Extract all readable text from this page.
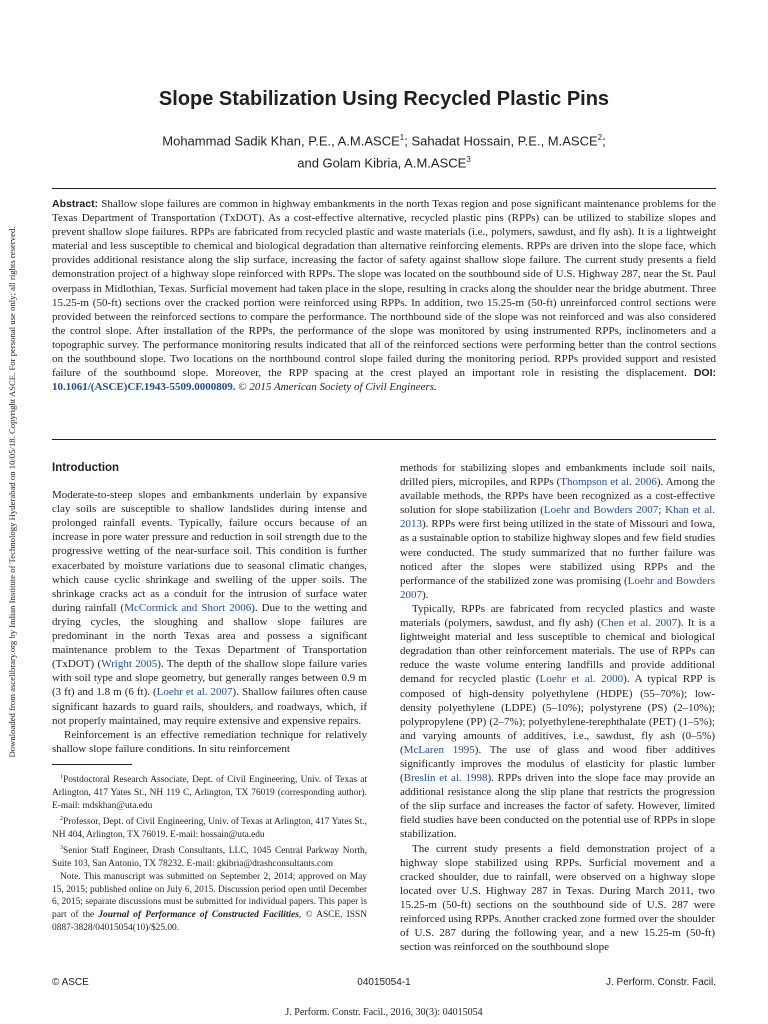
Downloaded from ascelibrary.org by Indian Institute of Technology Hyderabad on 10/05/18. Copyright ASCE. For personal use only; all rights reserved.
Slope Stabilization Using Recycled Plastic Pins
Mohammad Sadik Khan, P.E., A.M.ASCE$^1$; Sahadat Hossain, P.E., M.ASCE$^2$;
and Golam Kibria, A.M.ASCE$^3$
Abstract: Shallow slope failures are common in highway embankments in the north Texas region and pose significant maintenance problems for the Texas Department of Transportation (TxDOT). As a cost-effective alternative, recycled plastic pins (RPPs) can be utilized to stabilize slopes and prevent shallow slope failures. RPPs are fabricated from recycled plastic and waste materials (i.e., polymers, sawdust, and fly ash). It is a lightweight material and less susceptible to chemical and biological degradation than alternative reinforcing elements. RPPs are driven into the slope face, which provides additional resistance along the slip surface, increasing the factor of safety against shallow slope failure. The current study presents a field demonstration project of a highway slope reinforced with RPPs. The slope was located on the southbound side of U.S. Highway 287, near the St. Paul overpass in Midlothian, Texas. Surficial movement had taken place in the slope, resulting in cracks along the shoulder near the bridge abutment. Three 15.25-m (50-ft) sections over the cracked portion were reinforced using RPPs. In addition, two 15.25-m (50-ft) unreinforced control sections were provided between the reinforced sections to compare the performance. The northbound side of the slope was not reinforced and was also considered the control slope. After installation of the RPPs, the performance of the slope was monitored by using instrumented RPPs, inclinometers and a topographic survey. The performance monitoring results indicated that all of the reinforced sections were performing better than the control sections on the southbound slope. Two locations on the northbound control slope failed during the monitoring period. RPPs provided support and resisted failure of the southbound slope. Moreover, the RPP spacing at the crest played an important role in resisting the displacement. DOI: 10.1061/(ASCE)CF.1943-5509.0000809. © 2015 American Society of Civil Engineers.

Introduction

Moderate-to-steep slopes and embankments underlain by expansive clay soils are susceptible to shallow landslides during intense and prolonged rainfall events. Typically, failure occurs because of an increase in pore water pressure and reduction in soil strength due to the progressive wetting of the near-surface soil. This condition is further exacerbated by moisture variations due to seasonal climatic changes, which cause cyclic shrinkage and swelling of the upper soils. The shrinkage cracks act as a conduit for the intrusion of surface water during rainfall (McCormick and Short 2006). Due to the wetting and drying cycles, the sloughing and shallow slope failures are predominant in the north Texas area and possess a significant maintenance problem to the Texas Department of Transportation (TxDOT) (Wright 2005). The depth of the shallow slope failure varies with soil type and slope geometry, but generally ranges between 0.9 m (3 ft) and 1.8 m (6 ft). (Loehr et al. 2007). Shallow failures often cause significant hazards to guard rails, shoulders, and roadways, which, if not properly maintained, may require extensive and expensive repairs.

Reinforcement is an effective remediation technique for relatively shallow slope failure conditions. In situ reinforcement

$^1$Postdoctoral Research Associate, Dept. of Civil Engineering, Univ. of Texas at Arlington, 417 Yates St., NH 119 C, Arlington, TX 76019 (corresponding author). E-mail: mdskhan@uta.edu

$^2$Professor, Dept. of Civil Engineering, Univ. of Texas at Arlington, 417 Yates St., NH 404, Arlington, TX 76019. E-mail: hossain@uta.edu

$^3$Senior Staff Engineer, Drash Consultants, LLC, 1045 Central Parkway North, Suite 103, San Antonio, TX 78232. E-mail: gkibria@drashconsultants.com

Note. This manuscript was submitted on September 2, 2014; approved on May 15, 2015; published online on July 6, 2015. Discussion period open until December 6, 2015; separate discussions must be submitted for individual papers. This paper is part of the Journal of Performance of Constructed Facilities, © ASCE, ISSN 0887-3828/04015054(10)/$25.00.

methods for stabilizing slopes and embankments include soil nails, drilled piers, micropiles, and RPPs (Thompson et al. 2006). Among the available methods, the RPPs have been recognized as a cost-effective solution for slope stabilization (Loehr and Bowders 2007; Khan et al. 2013). RPPs were first being utilized in the state of Missouri and Iowa, as a sustainable option to stabilize highway slopes and few field studies were conducted. The study summarized that no further failure was noticed after the slopes were stabilized using RPPs and the performance of the stabilized zone was promising (Loehr and Bowders 2007).

Typically, RPPs are fabricated from recycled plastics and waste materials (polymers, sawdust, and fly ash) (Chen et al. 2007). It is a lightweight material and less susceptible to chemical and biological degradation than other reinforcement materials. The use of RPPs can reduce the waste volume entering landfills and provide additional demand for recycled plastic (Loehr et al. 2000). A typical RPP is composed of high-density polyethylene (HDPE) (55–70%); low-density polyethylene (LDPE) (5–10%); polystyrene (PS) (2–10%); polypropylene (PP) (2–7%); polyethylene-terephthalate (PET) (1–5%); and varying amounts of additives, i.e., sawdust, fly ash (0–5%) (McLaren 1995). The use of glass and wood fiber additives significantly improves the modulus of elasticity for plastic lumber (Breslin et al. 1998). RPPs driven into the slope face may provide an additional resistance along the slip plane that restricts the progression of the slip surface and increases the factor of safety. However, limited field studies have been conducted on the potential use of RPPs in slope stabilization.

The current study presents a field demonstration project of a highway slope stabilized using RPPs. Surficial movement and a cracked shoulder, due to rainfall, were observed on a highway slope located over U.S. Highway 287 in Texas. During March 2011, two 15.25-m (50-ft) sections on the southbound side of U.S. 287 were reinforced using RPPs. Another cracked zone formed over the shoulder of U.S. 287 during the following year, and a new 15.25-m (50-ft) section was reinforced on the southbound slope

© ASCE	04015054-1	J. Perform. Constr. Facil.
J. Perform. Constr. Facil., 2016, 30(3): 04015054
